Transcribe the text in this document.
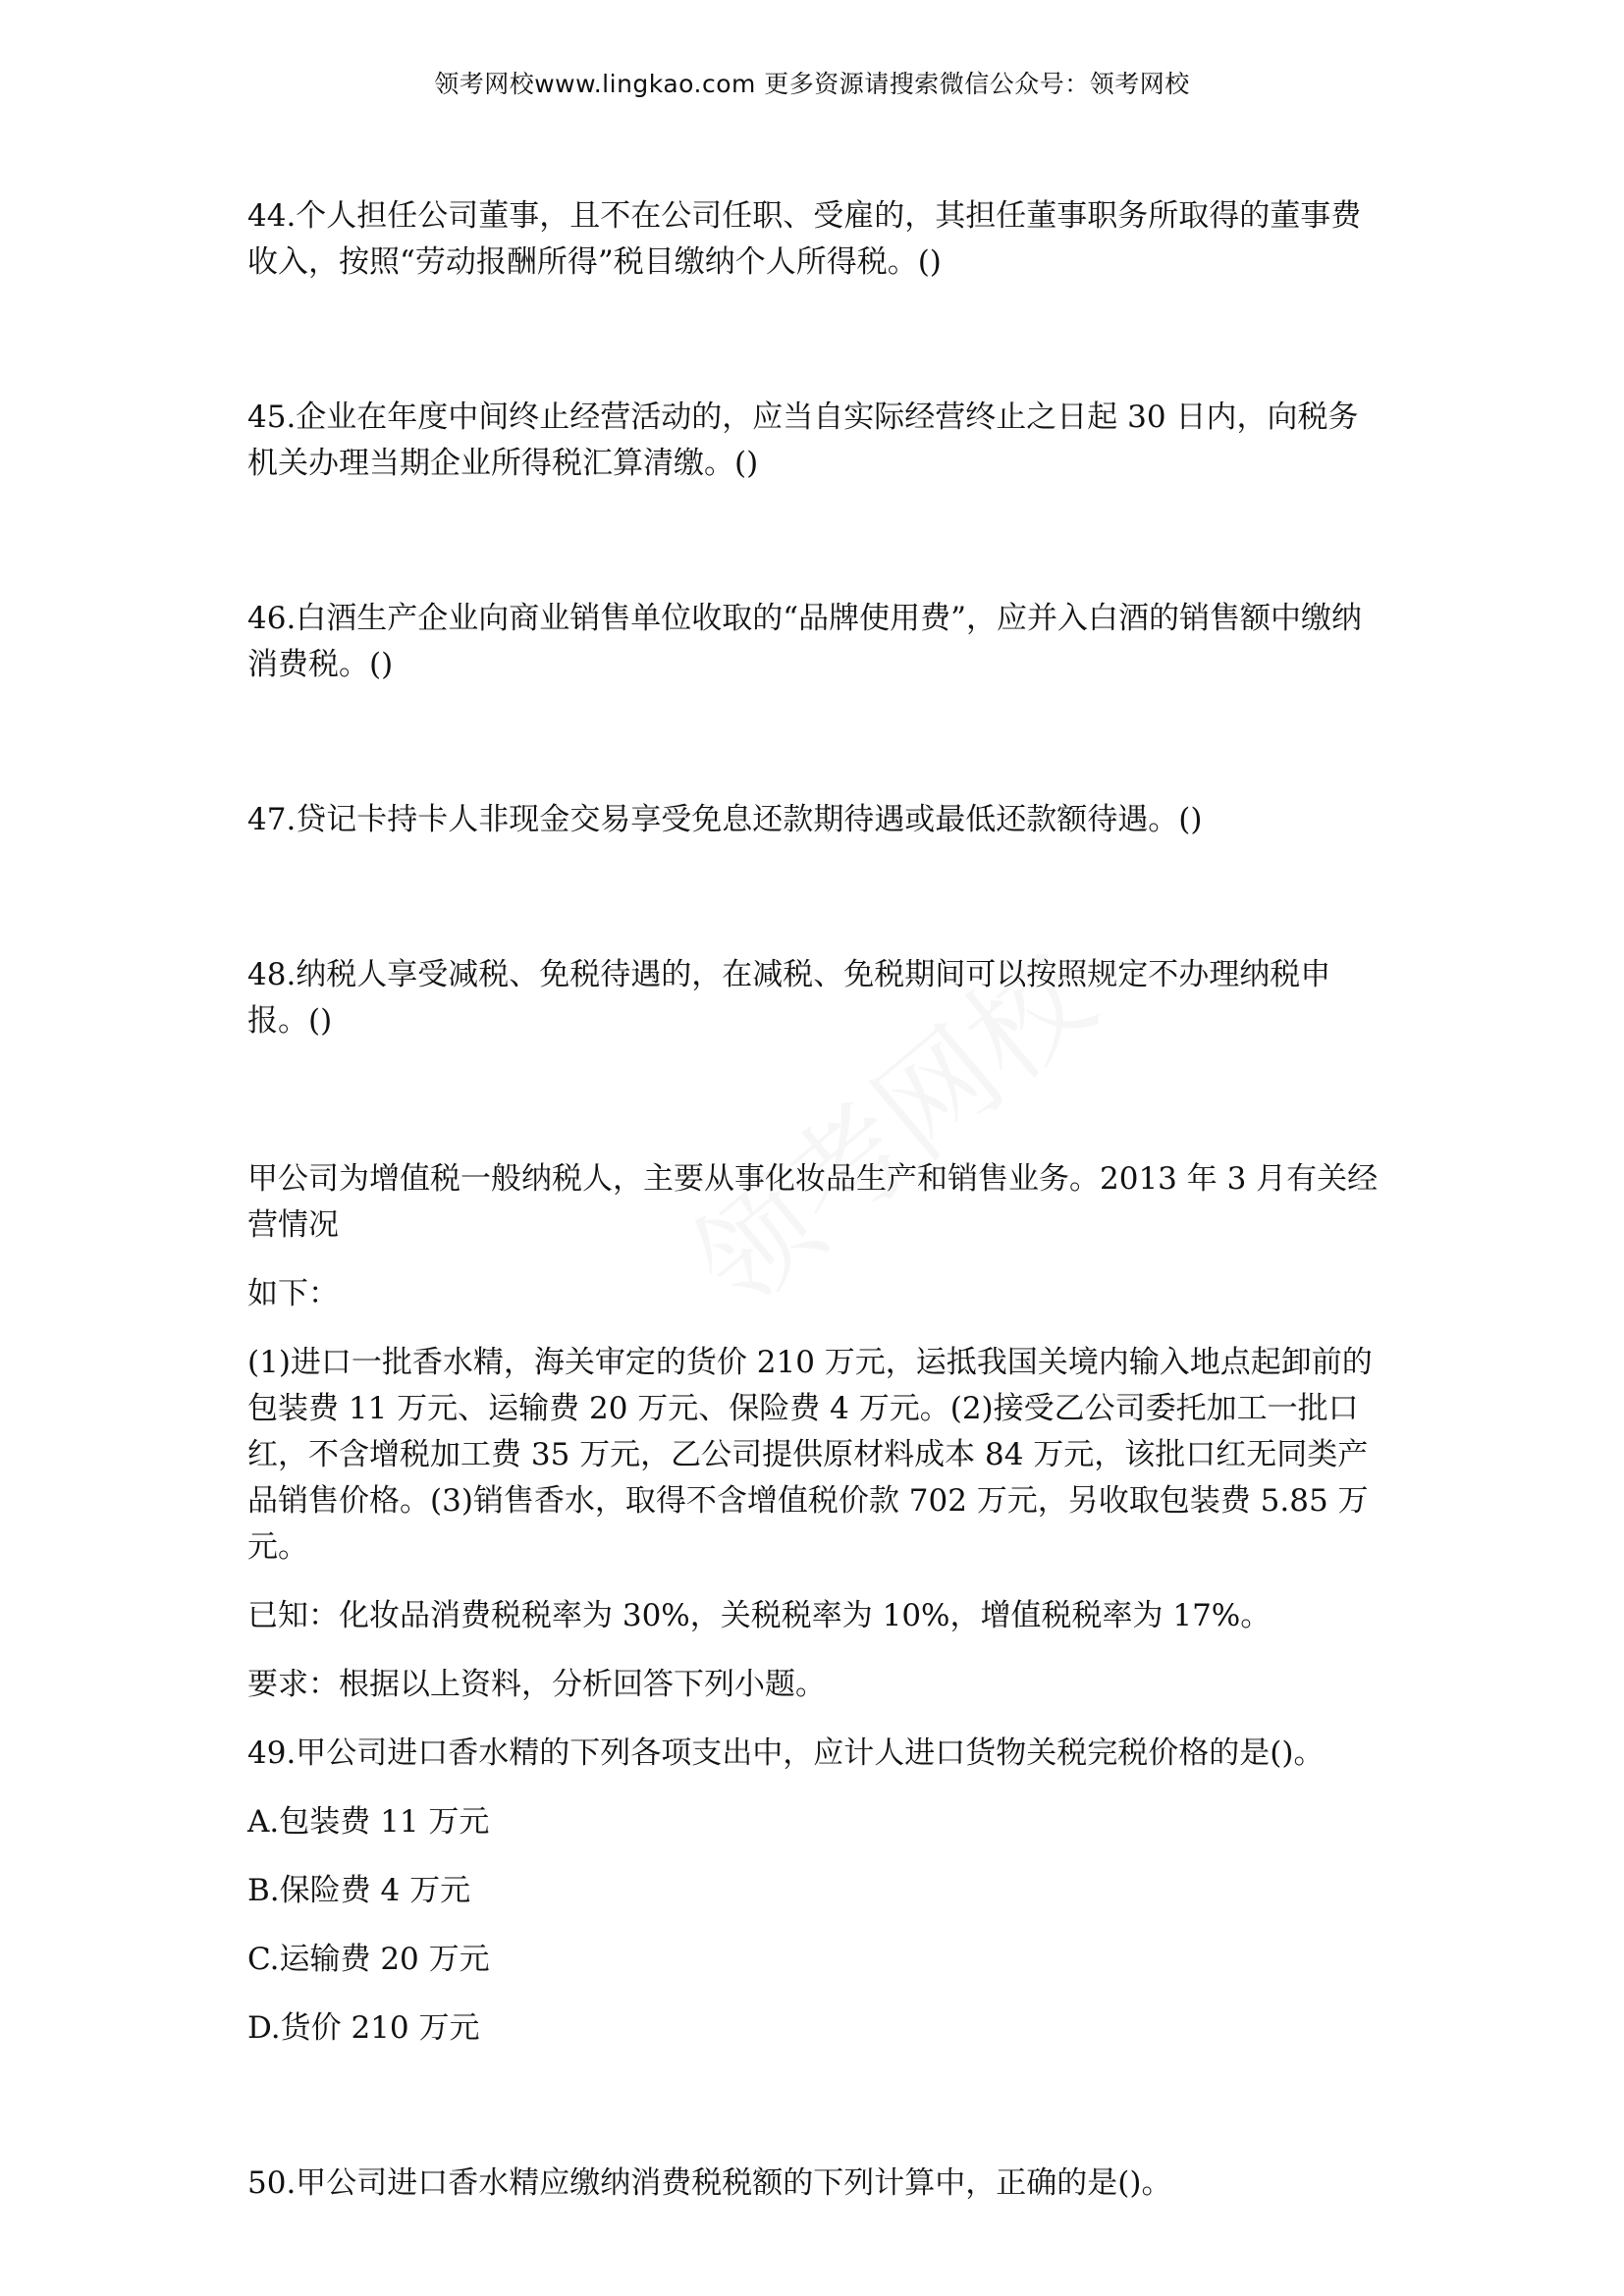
领考网校www.lingkao.com 更多资源请搜索微信公众号：领考网校

44.个人担任公司董事，且不在公司任职、受雇的，其担任董事职务所取得的董事费收入，按照“劳动报酬所得”税目缴纳个人所得税。()

45.企业在年度中间终止经营活动的，应当自实际经营终止之日起 30 日内，向税务机关办理当期企业所得税汇算清缴。()

46.白酒生产企业向商业销售单位收取的“品牌使用费”，应并入白酒的销售额中缴纳消费税。()

47.贷记卡持卡人非现金交易享受免息还款期待遇或最低还款额待遇。()

48.纳税人享受减税、免税待遇的，在减税、免税期间可以按照规定不办理纳税申报。()

甲公司为增值税一般纳税人，主要从事化妆品生产和销售业务。2013 年 3 月有关经营情况

如下：

(1)进口一批香水精，海关审定的货价 210 万元，运抵我国关境内输入地点起卸前的包装费 11 万元、运输费 20 万元、保险费 4 万元。(2)接受乙公司委托加工一批口红，不含增税加工费 35 万元，乙公司提供原材料成本 84 万元，该批口红无同类产品销售价格。(3)销售香水，取得不含增值税价款 702 万元，另收取包装费 5.85 万元。

已知：化妆品消费税税率为 30%，关税税率为 10%，增值税税率为 17%。

要求：根据以上资料，分析回答下列小题。

49.甲公司进口香水精的下列各项支出中，应计人进口货物关税完税价格的是()。

A.包装费 11 万元

B.保险费 4 万元

C.运输费 20 万元

D.货价 210 万元

50.甲公司进口香水精应缴纳消费税税额的下列计算中，正确的是()。
